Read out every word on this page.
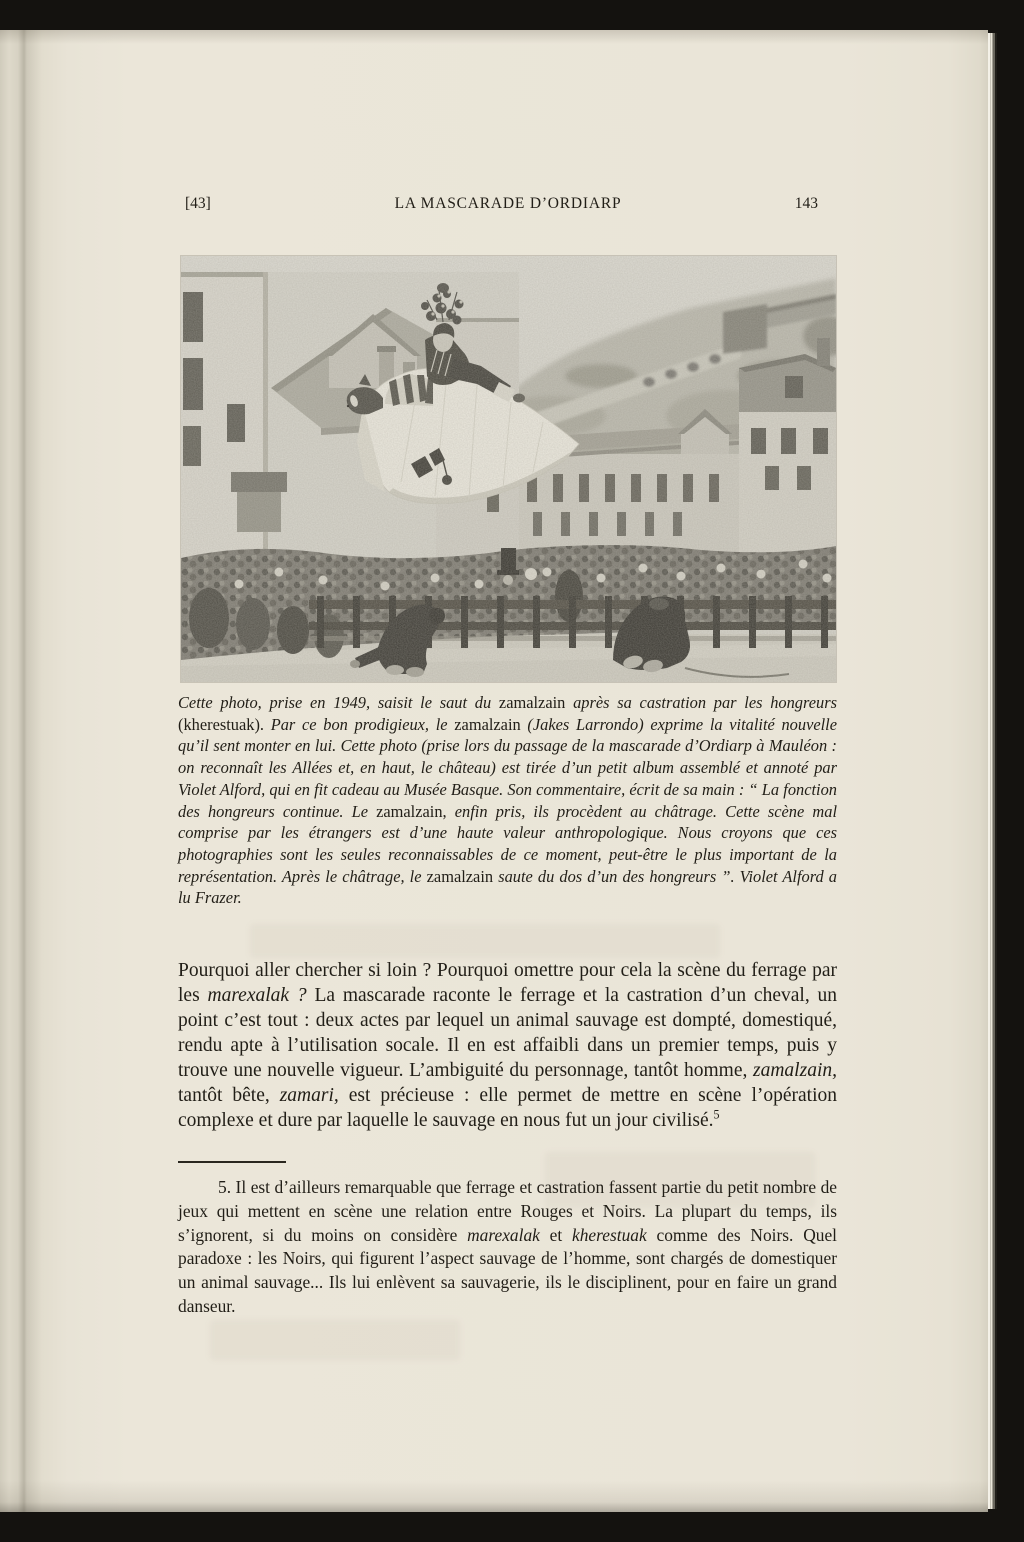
[43]	LA MASCARADE D’ORDIARP	143

Cette photo, prise en 1949, saisit le saut du zamalzain après sa castration par les hongreurs (kherestuak). Par ce bon prodigieux, le zamalzain (Jakes Larrondo) exprime la vitalité nouvelle qu’il sent monter en lui. Cette photo (prise lors du passage de la mascarade d’Ordiarp à Mauléon : on reconnaît les Allées et, en haut, le château) est tirée d’un petit album assemblé et annoté par Violet Alford, qui en fit cadeau au Musée Basque. Son commentaire, écrit de sa main : “ La fonction des hongreurs continue. Le zamalzain, enfin pris, ils procèdent au châtrage. Cette scène mal comprise par les étrangers est d’une haute valeur anthropologique. Nous croyons que ces photographies sont les seules reconnaissables de ce moment, peut-être le plus important de la représentation. Après le châtrage, le zamalzain saute du dos d’un des hongreurs ”. Violet Alford a lu Frazer.

Pourquoi aller chercher si loin ? Pourquoi omettre pour cela la scène du ferrage par les marexalak ? La mascarade raconte le ferrage et la castration d’un cheval, un point c’est tout : deux actes par lequel un animal sauvage est dompté, domestiqué, rendu apte à l’utilisation socale. Il en est affaibli dans un premier temps, puis y trouve une nouvelle vigueur. L’ambiguité du personnage, tantôt homme, zamalzain, tantôt bête, zamari, est précieuse : elle permet de mettre en scène l’opération complexe et dure par laquelle le sauvage en nous fut un jour civilisé.$^5$

5. Il est d’ailleurs remarquable que ferrage et castration fassent partie du petit nombre de jeux qui mettent en scène une relation entre Rouges et Noirs. La plupart du temps, ils s’ignorent, si du moins on considère marexalak et kherestuak comme des Noirs. Quel paradoxe : les Noirs, qui figurent l’aspect sauvage de l’homme, sont chargés de domestiquer un animal sauvage... Ils lui enlèvent sa sauvagerie, ils le disciplinent, pour en faire un grand danseur.
